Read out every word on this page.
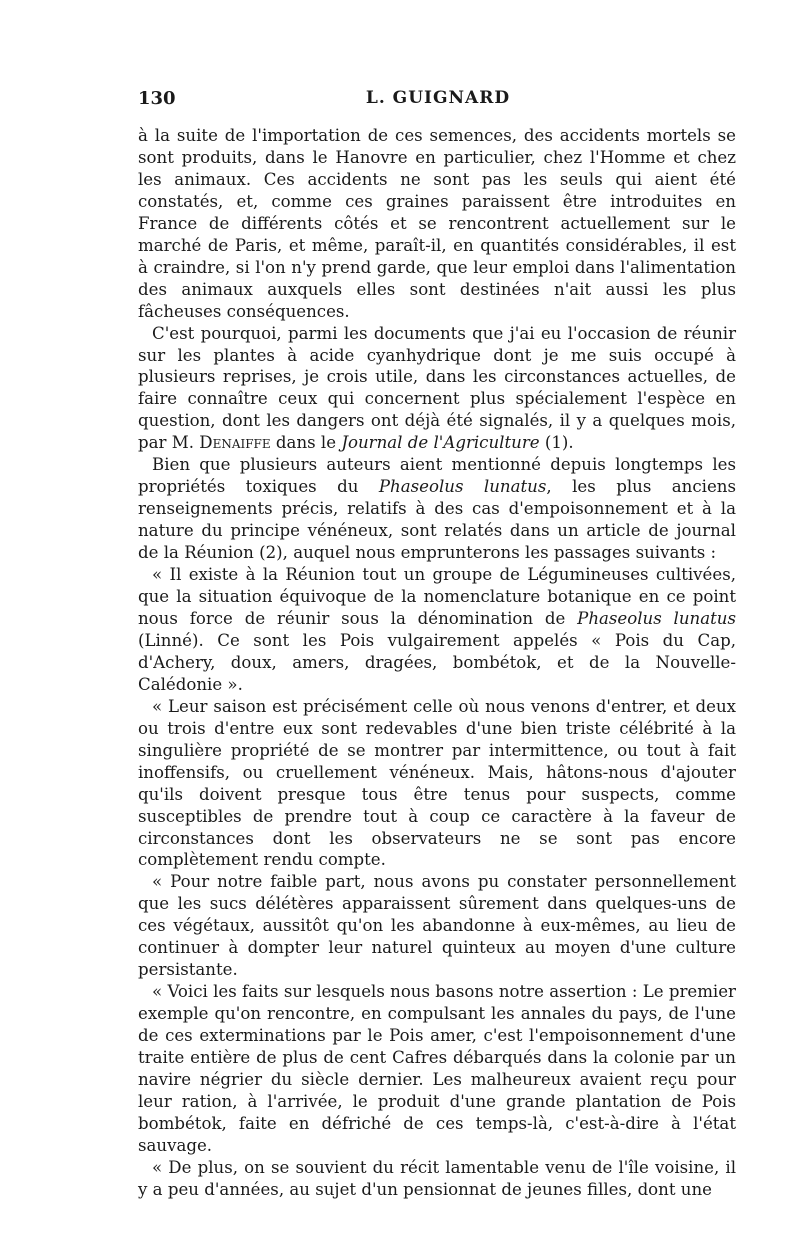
130	L. GUIGNARD

à la suite de l'importation de ces semences, des accidents mortels se sont produits, dans le Hanovre en particulier, chez l'Homme et chez les animaux. Ces accidents ne sont pas les seuls qui aient été constatés, et, comme ces graines paraissent être introduites en France de différents côtés et se rencontrent actuellement sur le marché de Paris, et même, paraît-il, en quantités considérables, il est à craindre, si l'on n'y prend garde, que leur emploi dans l'alimentation des animaux auxquels elles sont destinées n'ait aussi les plus fâcheuses conséquences.

C'est pourquoi, parmi les documents que j'ai eu l'occasion de réunir sur les plantes à acide cyanhydrique dont je me suis occupé à plusieurs reprises, je crois utile, dans les circonstances actuelles, de faire connaître ceux qui concernent plus spécialement l'espèce en question, dont les dangers ont déjà été signalés, il y a quelques mois, par M. Denaiffe dans le Journal de l'Agriculture (1).

Bien que plusieurs auteurs aient mentionné depuis longtemps les propriétés toxiques du Phaseolus lunatus, les plus anciens renseignements précis, relatifs à des cas d'empoisonnement et à la nature du principe vénéneux, sont relatés dans un article de journal de la Réunion (2), auquel nous emprunterons les passages suivants :

« Il existe à la Réunion tout un groupe de Légumineuses cultivées, que la situation équivoque de la nomenclature botanique en ce point nous force de réunir sous la dénomination de Phaseolus lunatus (Linné). Ce sont les Pois vulgairement appelés « Pois du Cap, d'Achery, doux, amers, dragées, bombétok, et de la Nouvelle-Calédonie ».

« Leur saison est précisément celle où nous venons d'entrer, et deux ou trois d'entre eux sont redevables d'une bien triste célébrité à la singulière propriété de se montrer par intermittence, ou tout à fait inoffensifs, ou cruellement vénéneux. Mais, hâtons-nous d'ajouter qu'ils doivent presque tous être tenus pour suspects, comme susceptibles de prendre tout à coup ce caractère à la faveur de circonstances dont les observateurs ne se sont pas encore complètement rendu compte.

« Pour notre faible part, nous avons pu constater personnellement que les sucs délétères apparaissent sûrement dans quelques-uns de ces végétaux, aussitôt qu'on les abandonne à eux-mêmes, au lieu de continuer à dompter leur naturel quinteux au moyen d'une culture persistante.

« Voici les faits sur lesquels nous basons notre assertion : Le premier exemple qu'on rencontre, en compulsant les annales du pays, de l'une de ces exterminations par le Pois amer, c'est l'empoisonnement d'une traite entière de plus de cent Cafres débarqués dans la colonie par un navire négrier du siècle dernier. Les malheureux avaient reçu pour leur ration, à l'arrivée, le produit d'une grande plantation de Pois bombétok, faite en défriché de ces temps-là, c'est-à-dire à l'état sauvage.

« De plus, on se souvient du récit lamentable venu de l'île voisine, il y a peu d'années, au sujet d'un pensionnat de jeunes filles, dont une
